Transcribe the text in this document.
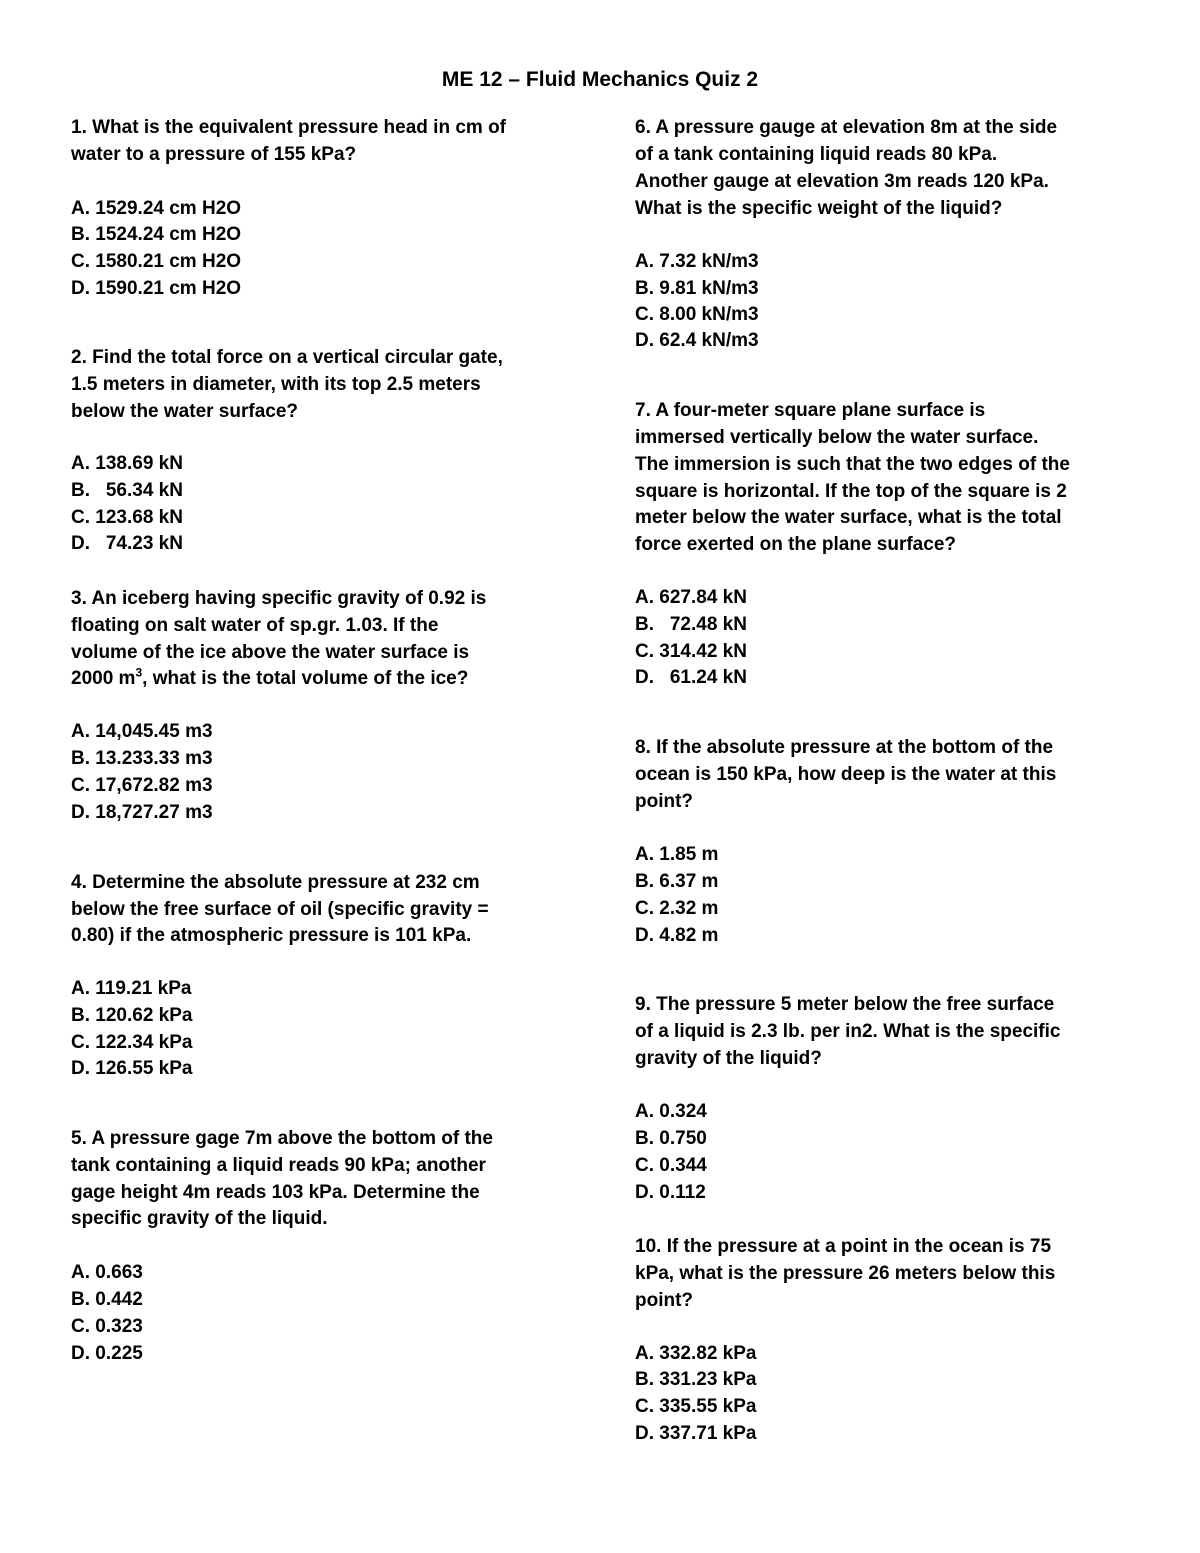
ME 12 – Fluid Mechanics Quiz 2
1. What is the equivalent pressure head in cm of
water to a pressure of 155 kPa?
A. 1529.24 cm H2O
B. 1524.24 cm H2O
C. 1580.21 cm H2O
D. 1590.21 cm H2O
2. Find the total force on a vertical circular gate,
1.5 meters in diameter, with its top 2.5 meters
below the water surface?
A. 138.69 kN
B.   56.34 kN
C. 123.68 kN
D.   74.23 kN
3. An iceberg having specific gravity of 0.92 is
floating on salt water of sp.gr. 1.03. If the
volume of the ice above the water surface is
2000 $m^3$, what is the total volume of the ice?
A. 14,045.45 m3
B. 13.233.33 m3
C. 17,672.82 m3
D. 18,727.27 m3
4. Determine the absolute pressure at 232 cm
below the free surface of oil (specific gravity =
0.80) if the atmospheric pressure is 101 kPa.
A. 119.21 kPa
B. 120.62 kPa
C. 122.34 kPa
D. 126.55 kPa
5. A pressure gage 7m above the bottom of the
tank containing a liquid reads 90 kPa; another
gage height 4m reads 103 kPa. Determine the
specific gravity of the liquid.
A. 0.663
B. 0.442
C. 0.323
D. 0.225
6. A pressure gauge at elevation 8m at the side
of a tank containing liquid reads 80 kPa.
Another gauge at elevation 3m reads 120 kPa.
What is the specific weight of the liquid?
A. 7.32 kN/m3
B. 9.81 kN/m3
C. 8.00 kN/m3
D. 62.4 kN/m3
7. A four-meter square plane surface is
immersed vertically below the water surface.
The immersion is such that the two edges of the
square is horizontal. If the top of the square is 2
meter below the water surface, what is the total
force exerted on the plane surface?
A. 627.84 kN
B.   72.48 kN
C. 314.42 kN
D.   61.24 kN
8. If the absolute pressure at the bottom of the
ocean is 150 kPa, how deep is the water at this
point?
A. 1.85 m
B. 6.37 m
C. 2.32 m
D. 4.82 m
9. The pressure 5 meter below the free surface
of a liquid is 2.3 lb. per in2. What is the specific
gravity of the liquid?
A. 0.324
B. 0.750
C. 0.344
D. 0.112
10. If the pressure at a point in the ocean is 75
kPa, what is the pressure 26 meters below this
point?
A. 332.82 kPa
B. 331.23 kPa
C. 335.55 kPa
D. 337.71 kPa
